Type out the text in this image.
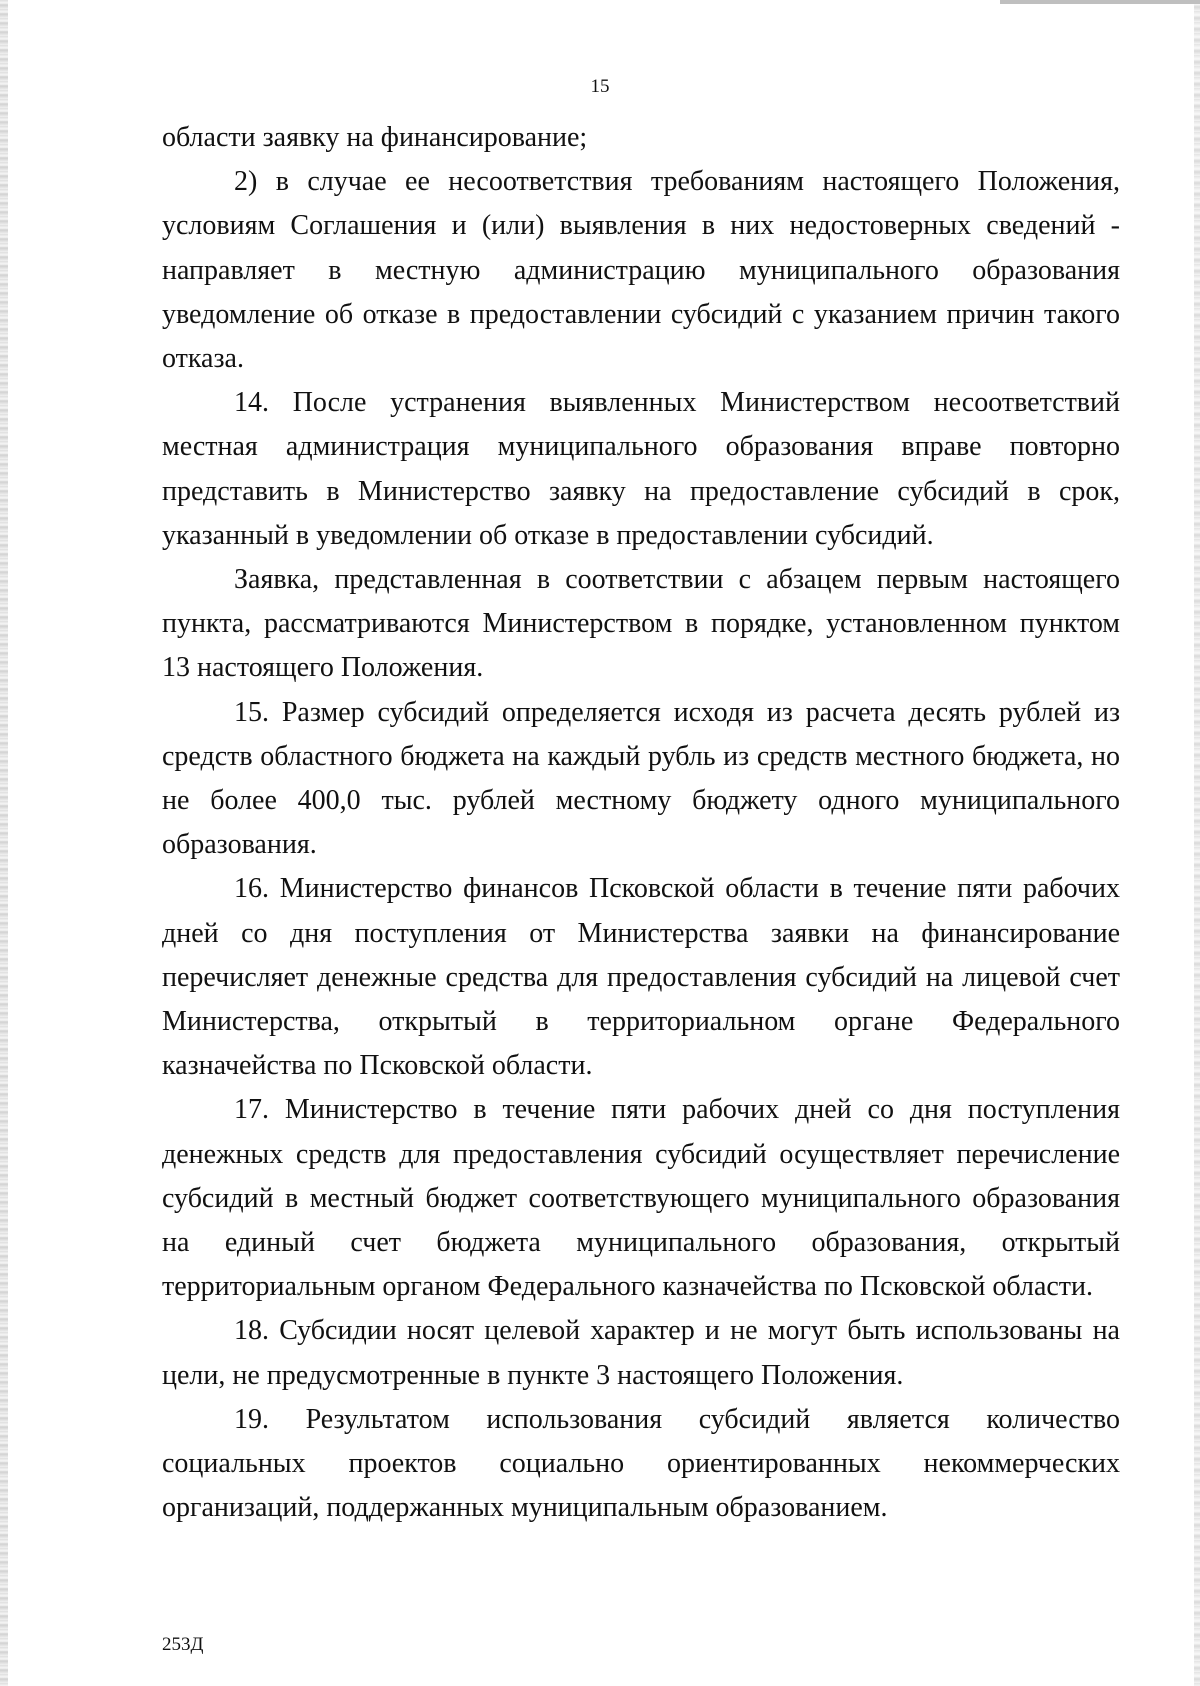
15

области заявку на финансирование;

2) в случае ее несоответствия требованиям настоящего Положения, условиям Соглашения и (или) выявления в них недостоверных сведений - направляет в местную администрацию муниципального образования уведомление об отказе в предоставлении субсидий с указанием причин такого отказа.

14. После устранения выявленных Министерством несоответствий местная администрация муниципального образования вправе повторно представить в Министерство заявку на предоставление субсидий в срок, указанный в уведомлении об отказе в предоставлении субсидий.

Заявка, представленная в соответствии с абзацем первым настоящего пункта, рассматриваются Министерством в порядке, установленном пунктом 13 настоящего Положения.

15. Размер субсидий определяется исходя из расчета десять рублей из средств областного бюджета на каждый рубль из средств местного бюджета, но не более 400,0 тыс. рублей местному бюджету одного муниципального образования.

16. Министерство финансов Псковской области в течение пяти рабочих дней со дня поступления от Министерства заявки на финансирование перечисляет денежные средства для предоставления субсидий на лицевой счет Министерства, открытый в территориальном органе Федерального казначейства по Псковской области.

17. Министерство в течение пяти рабочих дней со дня поступления денежных средств для предоставления субсидий осуществляет перечисление субсидий в местный бюджет соответствующего муниципального образования на единый счет бюджета муниципального образования, открытый территориальным органом Федерального казначейства по Псковской области.

18. Субсидии носят целевой характер и не могут быть использованы на цели, не предусмотренные в пункте 3 настоящего Положения.

19. Результатом использования субсидий является количество социальных проектов социально ориентированных некоммерческих организаций, поддержанных муниципальным образованием.

253Д
